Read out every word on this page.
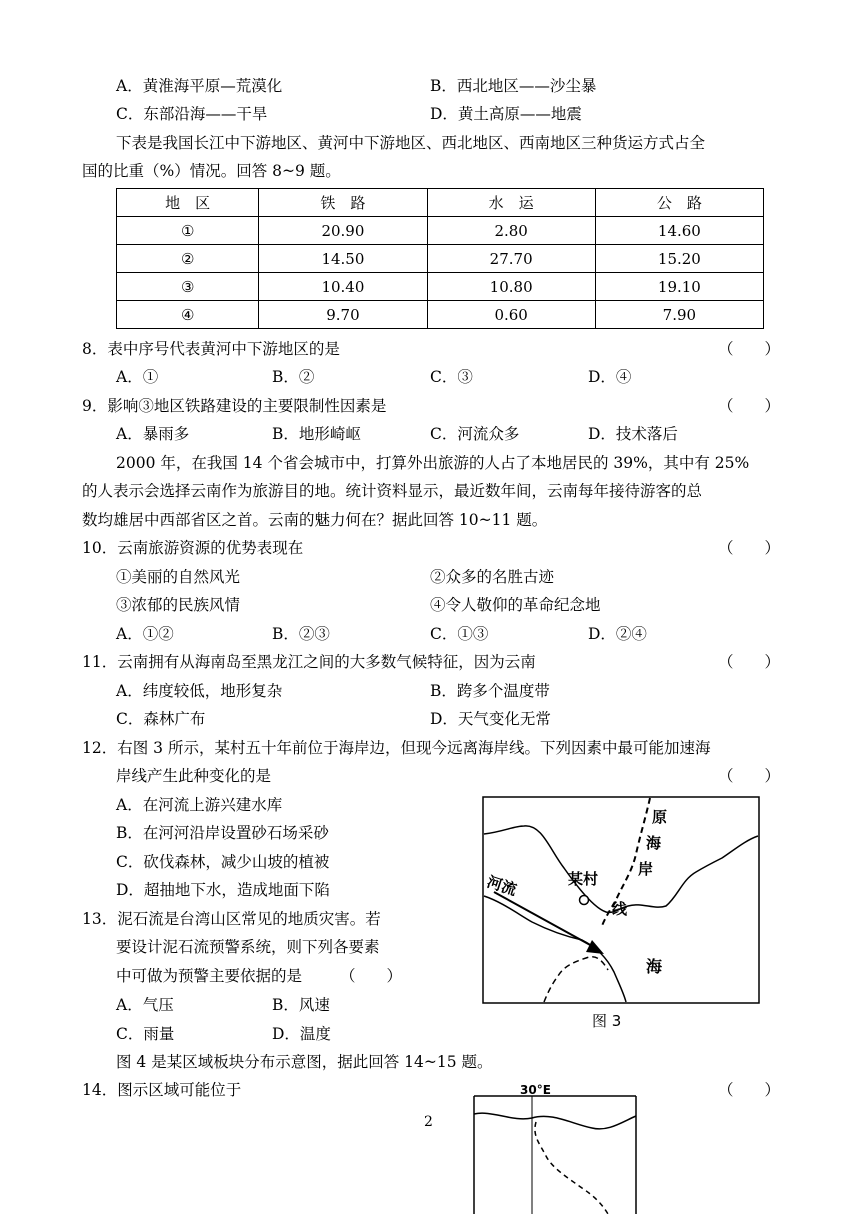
A．黄淮海平原—荒漠化	B．西北地区——沙尘暴
C．东部沿海——干旱	D．黄土高原——地震
下表是我国长江中下游地区、黄河中下游地区、西北地区、西南地区三种货运方式占全
国的比重（%）情况。回答 8~9 题。
地　区	铁　路	水　运	公　路
①	20.90	2.80	14.60
②	14.50	27.70	15.20
③	10.40	10.80	19.10
④	9.70	0.60	7.90
8．表中序号代表黄河中下游地区的是	（　　）
A．①	B．②	C．③	D．④
9．影响③地区铁路建设的主要限制性因素是	（　　）
A．暴雨多	B．地形崎岖	C．河流众多	D．技术落后
2000 年，在我国 14 个省会城市中，打算外出旅游的人占了本地居民的 39%，其中有 25%
的人表示会选择云南作为旅游目的地。统计资料显示，最近数年间，云南每年接待游客的总
数均雄居中西部省区之首。云南的魅力何在？据此回答 10~11 题。
10．云南旅游资源的优势表现在	（　　）
①美丽的自然风光	②众多的名胜古迹
③浓郁的民族风情	④令人敬仰的革命纪念地
A．①②	B．②③	C．①③	D．②④
11．云南拥有从海南岛至黑龙江之间的大多数气候特征，因为云南	（　　）
A．纬度较低，地形复杂	B．跨多个温度带
C．森林广布	D．天气变化无常
12．右图 3 所示，某村五十年前位于海岸边，但现今远离海岸线。下列因素中最可能加速海
岸线产生此种变化的是	（　　）
A．在河流上游兴建水库
B．在河河沿岸设置砂石场采砂
C．砍伐森林，减少山坡的植被
D．超抽地下水，造成地面下陷
13．泥石流是台湾山区常见的地质灾害。若
要设计泥石流预警系统，则下列各要素
中可做为预警主要依据的是 （　　）
A．气压	B．风速
C．雨量	D．温度
某村
河流
原
海
岸
线
海
图 3
图 4 是某区域板块分布示意图，据此回答 14~15 题。
14．图示区域可能位于	（　　）
30°E
2
